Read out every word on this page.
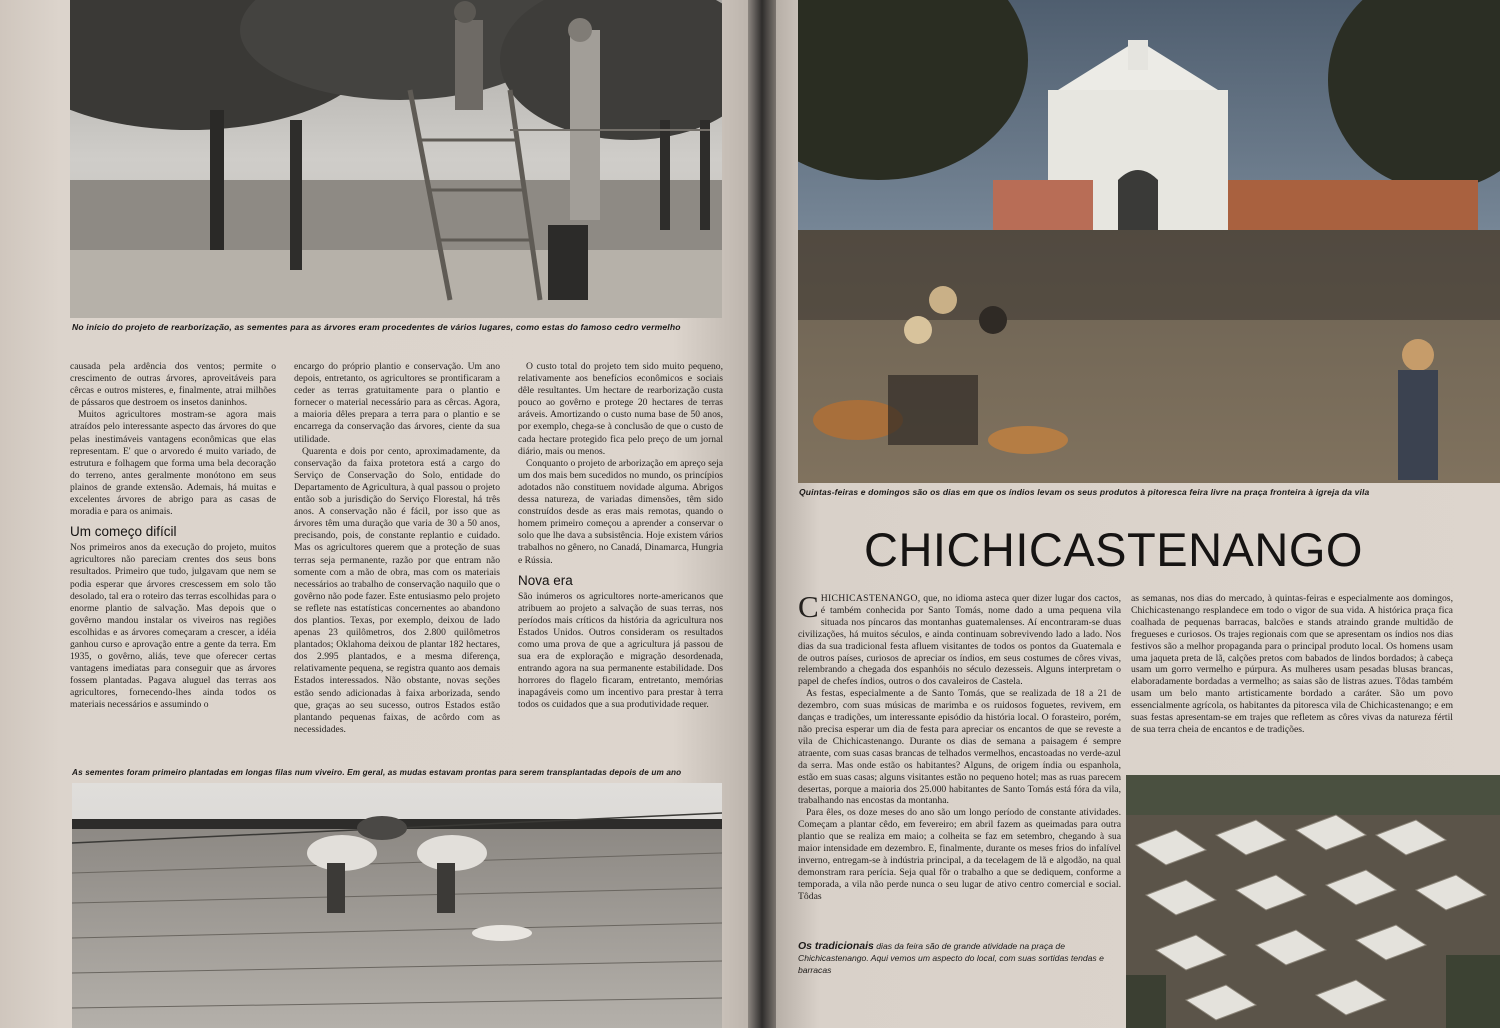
No início do projeto de rearborização, as sementes para as árvores eram procedentes de vários lugares, como estas do famoso cedro vermelho

causada pela ardência dos ventos; permite o crescimento de outras árvores, aproveitáveis para cêrcas e outros misteres, e, finalmente, atrai milhões de pássaros que destroem os insetos daninhos.

Muitos agricultores mostram-se agora mais atraídos pelo interessante aspecto das árvores do que pelas inestimáveis vantagens econômicas que elas representam. E' que o arvoredo é muito variado, de estrutura e folhagem que forma uma bela decoração do terreno, antes geralmente monótono em seus plainos de grande extensão. Ademais, há muitas e excelentes árvores de abrigo para as casas de moradia e para os animais.

Um começo difícil

Nos primeiros anos da execução do projeto, muitos agricultores não pareciam crentes dos seus bons resultados. Primeiro que tudo, julgavam que nem se podia esperar que árvores crescessem em solo tão desolado, tal era o roteiro das terras escolhidas para o enorme plantio de salvação. Mas depois que o govêrno mandou instalar os viveiros nas regiões escolhidas e as árvores começaram a crescer, a idéia ganhou curso e aprovação entre a gente da terra. Em 1935, o govêrno, aliás, teve que oferecer certas vantagens imediatas para conseguir que as árvores fossem plantadas. Pagava aluguel das terras aos agricultores, fornecendo-lhes ainda todos os materiais necessários e assumindo o

encargo do próprio plantio e conservação. Um ano depois, entretanto, os agricultores se prontificaram a ceder as terras gratuitamente para o plantio e fornecer o material necessário para as cêrcas. Agora, a maioria dêles prepara a terra para o plantio e se encarrega da conservação das árvores, ciente da sua utilidade.

Quarenta e dois por cento, aproximadamente, da conservação da faixa protetora está a cargo do Serviço de Conservação do Solo, entidade do Departamento de Agricultura, à qual passou o projeto então sob a jurisdição do Serviço Florestal, há três anos. A conservação não é fácil, por isso que as árvores têm uma duração que varia de 30 a 50 anos, precisando, pois, de constante replantio e cuidado. Mas os agricultores querem que a proteção de suas terras seja permanente, razão por que entram não somente com a mão de obra, mas com os materiais necessários ao trabalho de conservação naquilo que o govêrno não pode fazer. Este entusiasmo pelo projeto se reflete nas estatísticas concernentes ao abandono dos plantios. Texas, por exemplo, deixou de lado apenas 23 quilômetros, dos 2.800 quilômetros plantados; Oklahoma deixou de plantar 182 hectares, dos 2.995 plantados, e a mesma diferença, relativamente pequena, se registra quanto aos demais Estados interessados. Não obstante, novas seções estão sendo adicionadas à faixa arborizada, sendo que, graças ao seu sucesso, outros Estados estão plantando pequenas faixas, de acôrdo com as necessidades.

O custo total do projeto tem sido muito pequeno, relativamente aos benefícios econômicos e sociais dêle resultantes. Um hectare de rearborização custa pouco ao govêrno e protege 20 hectares de terras aráveis. Amortizando o custo numa base de 50 anos, por exemplo, chega-se à conclusão de que o custo de cada hectare protegido fica pelo preço de um jornal diário, mais ou menos.

Conquanto o projeto de arborização em apreço seja um dos mais bem sucedidos no mundo, os princípios adotados não constituem novidade alguma. Abrigos dessa natureza, de variadas dimensões, têm sido construídos desde as eras mais remotas, quando o homem primeiro começou a aprender a conservar o solo que lhe dava a subsistência. Hoje existem vários trabalhos no gênero, no Canadá, Dinamarca, Hungria e Rússia.

Nova era

São inúmeros os agricultores norte-americanos que atribuem ao projeto a salvação de suas terras, nos períodos mais críticos da história da agricultura nos Estados Unidos. Outros consideram os resultados como uma prova de que a agricultura já passou de sua era de exploração e migração desordenada, entrando agora na sua permanente estabilidade. Dos horrores do flagelo ficaram, entretanto, memórias inapagáveis como um incentivo para prestar à terra todos os cuidados que a sua produtividade requer.

As sementes foram primeiro plantadas em longas filas num viveiro. Em geral, as mudas estavam prontas para serem transplantadas depois de um ano
Quintas-feiras e domingos são os dias em que os índios levam os seus produtos à pitoresca feira livre na praça fronteira à igreja da vila
CHICHICASTENANGO

CHICHICASTENANGO, que, no idioma asteca quer dizer lugar dos cactos, é também conhecida por Santo Tomás, nome dado a uma pequena vila situada nos píncaros das montanhas guatemalenses. Aí encontraram-se duas civilizações, há muitos séculos, e ainda continuam sobrevivendo lado a lado. Nos dias da sua tradicional festa afluem visitantes de todos os pontos da Guatemala e de outros países, curiosos de apreciar os índios, em seus costumes de côres vivas, relembrando a chegada dos espanhóis no século dezesseis. Alguns interpretam o papel de chefes índios, outros o dos cavaleiros de Castela.

As festas, especialmente a de Santo Tomás, que se realizada de 18 a 21 de dezembro, com suas músicas de marimba e os ruidosos foguetes, revivem, em danças e tradições, um interessante episódio da história local. O forasteiro, porém, não precisa esperar um dia de festa para apreciar os encantos de que se reveste a vila de Chichicastenango. Durante os dias de semana a paisagem é sempre atraente, com suas casas brancas de telhados vermelhos, encastoadas no verde-azul da serra. Mas onde estão os habitantes? Alguns, de origem índia ou espanhola, estão em suas casas; alguns visitantes estão no pequeno hotel; mas as ruas parecem desertas, porque a maioria dos 25.000 habitantes de Santo Tomás está fóra da vila, trabalhando nas encostas da montanha.

Para êles, os doze meses do ano são um longo período de constante atividades. Começam a plantar cêdo, em fevereiro; em abril fazem as queimadas para outra plantio que se realiza em maio; a colheita se faz em setembro, chegando à sua maior intensidade em dezembro. E, finalmente, durante os meses frios do infalível inverno, entregam-se à indústria principal, a da tecelagem de lã e algodão, na qual demonstram rara perícia. Seja qual fôr o trabalho a que se dediquem, conforme a temporada, a vila não perde nunca o seu lugar de ativo centro comercial e social. Tôdas

as semanas, nos dias do mercado, à quintas-feiras e especialmente aos domingos, Chichicastenango resplandece em todo o vigor de sua vida. A histórica praça fica coalhada de pequenas barracas, balcões e stands atraindo grande multidão de fregueses e curiosos. Os trajes regionais com que se apresentam os índios nos dias festivos são a melhor propaganda para o principal produto local. Os homens usam uma jaqueta preta de lã, calções pretos com babados de lindos bordados; à cabeça usam um gorro vermelho e púrpura. As mulheres usam pesadas blusas brancas, elaboradamente bordadas a vermelho; as saias são de listras azues. Tôdas também usam um belo manto artisticamente bordado a caráter. São um povo essencialmente agrícola, os habitantes da pitoresca vila de Chichicastenango; e em suas festas apresentam-se em trajes que refletem as côres vivas da natureza fértil de sua terra cheia de encantos e de tradições.

Os tradicionais dias da feira são de grande atividade na praça de Chichicastenango. Aqui vemos um aspecto do local, com suas sortidas tendas e barracas
